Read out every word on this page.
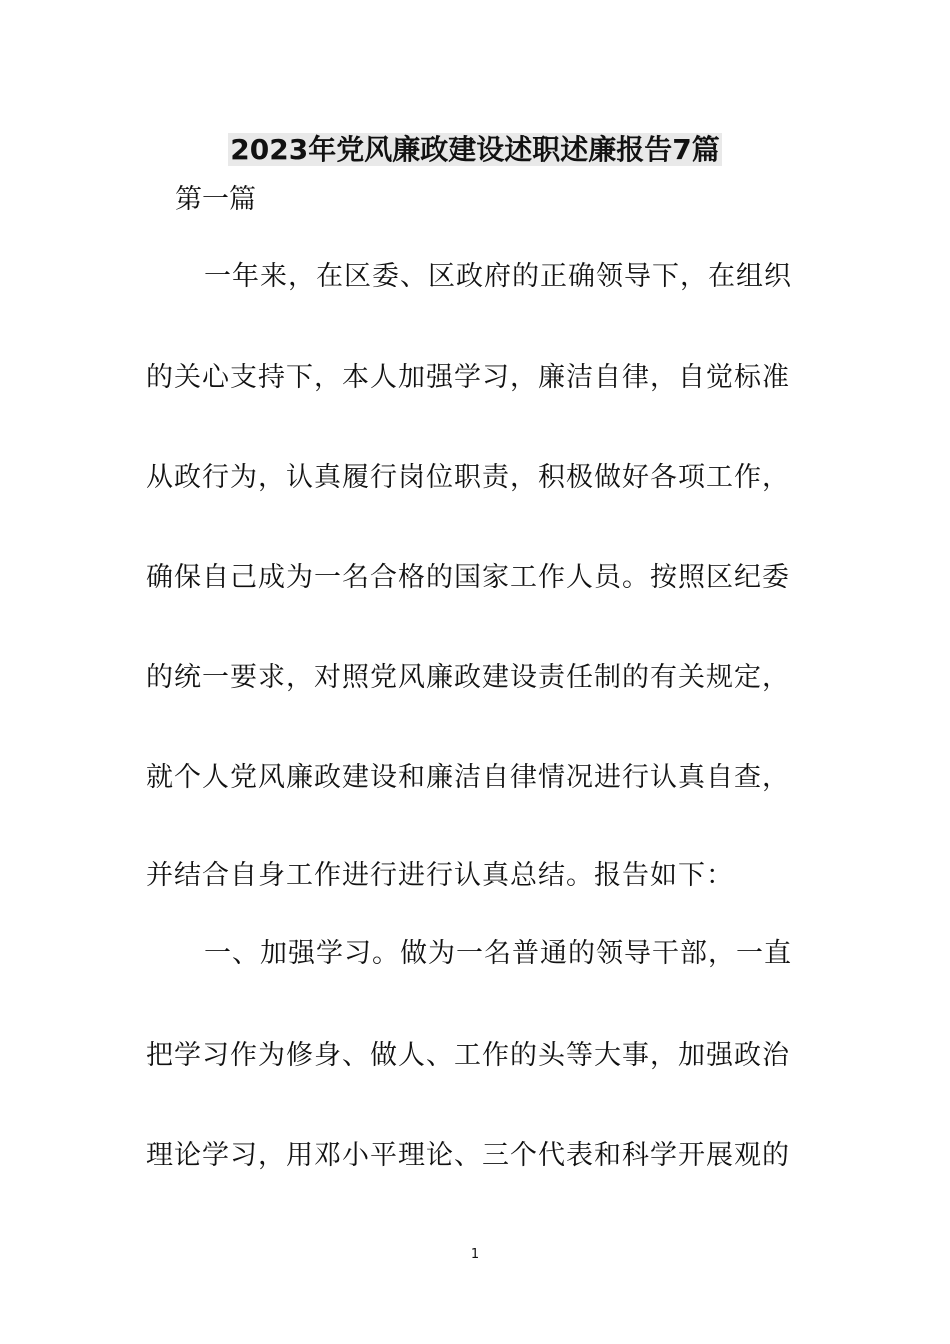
2023年党风廉政建设述职述廉报告7篇

第一篇

一年来，在区委、区政府的正确领导下，在组织

的关心支持下，本人加强学习，廉洁自律，自觉标准

从政行为，认真履行岗位职责，积极做好各项工作，

确保自己成为一名合格的国家工作人员。按照区纪委

的统一要求，对照党风廉政建设责任制的有关规定，

就个人党风廉政建设和廉洁自律情况进行认真自查，

并结合自身工作进行进行认真总结。报告如下：

一、加强学习。做为一名普通的领导干部，一直

把学习作为修身、做人、工作的头等大事，加强政治

理论学习，用邓小平理论、三个代表和科学开展观的

1
